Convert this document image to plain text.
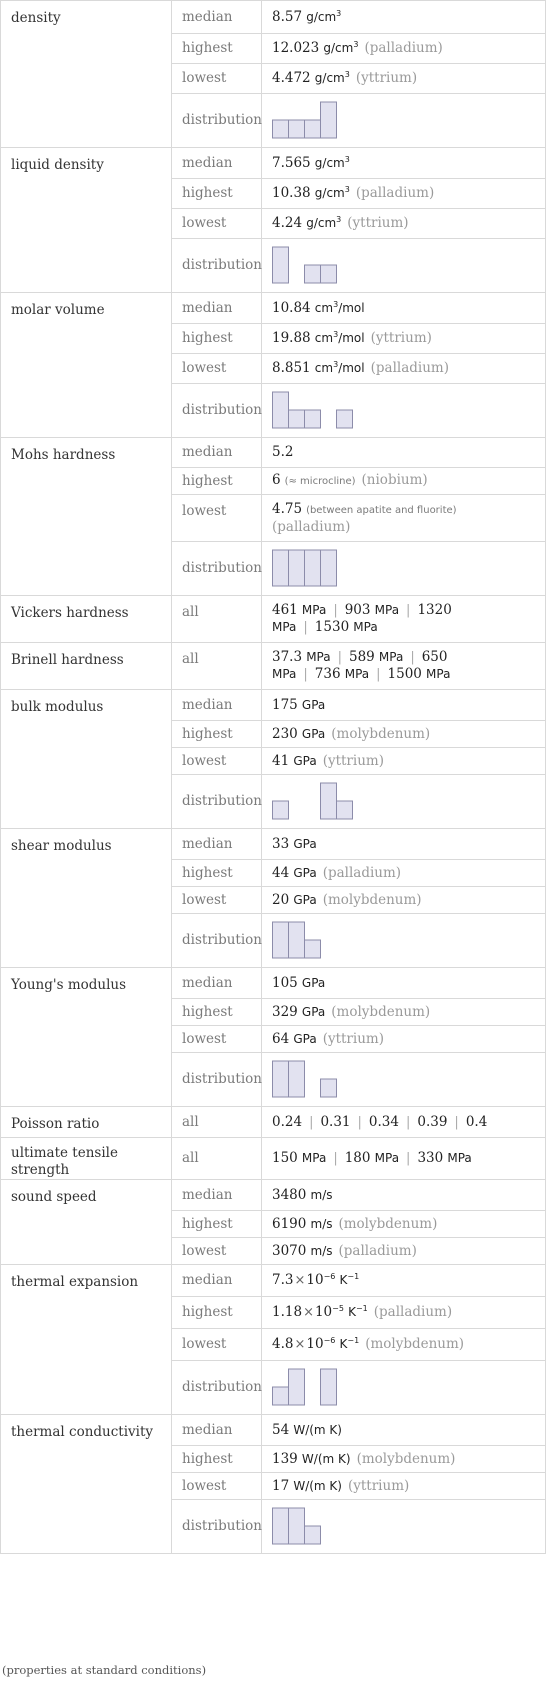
density	median	8.57 $g/cm^3$
	highest	12.023 $g/cm^3$ (palladium)
	lowest	4.472 $g/cm^3$ (yttrium)
	distribution	

liquid density	median	7.565 $g/cm^3$
	highest	10.38 $g/cm^3$ (palladium)
	lowest	4.24 $g/cm^3$ (yttrium)
	distribution	

molar volume	median	10.84 $cm^3$/mol
	highest	19.88 $cm^3$/mol (yttrium)
	lowest	8.851 $cm^3$/mol (palladium)
	distribution	

Mohs hardness	median	5.2
	highest	6 (≈ microcline) (niobium)
	lowest	4.75 (between apatite and fluorite)
(palladium)
	distribution	

Vickers hardness	all	461 MPa | 903 MPa | 1320
MPa | 1530 MPa
Brinell hardness	all	37.3 MPa | 589 MPa | 650
MPa | 736 MPa | 1500 MPa
bulk modulus	median	175 GPa
	highest	230 GPa (molybdenum)
	lowest	41 GPa (yttrium)
	distribution	

shear modulus	median	33 GPa
	highest	44 GPa (palladium)
	lowest	20 GPa (molybdenum)
	distribution	

Young's modulus	median	105 GPa
	highest	329 GPa (molybdenum)
	lowest	64 GPa (yttrium)
	distribution	

Poisson ratio	all	0.24 | 0.31 | 0.34 | 0.39 | 0.4
ultimate tensile strength	all	150 MPa | 180 MPa | 330 MPa
sound speed	median	3480 m/s
	highest	6190 m/s (molybdenum)
	lowest	3070 m/s (palladium)
thermal expansion	median	$7.3\times 10^{-6}$ $K^{-1}$
	highest	$1.18\times 10^{-5}$ $K^{-1}$ (palladium)
	lowest	$4.8\times 10^{-6}$ $K^{-1}$ (molybdenum)
	distribution	

thermal conductivity	median	54 W/(m K)
	highest	139 W/(m K) (molybdenum)
	lowest	17 W/(m K) (yttrium)
	distribution	
(properties at standard conditions)
